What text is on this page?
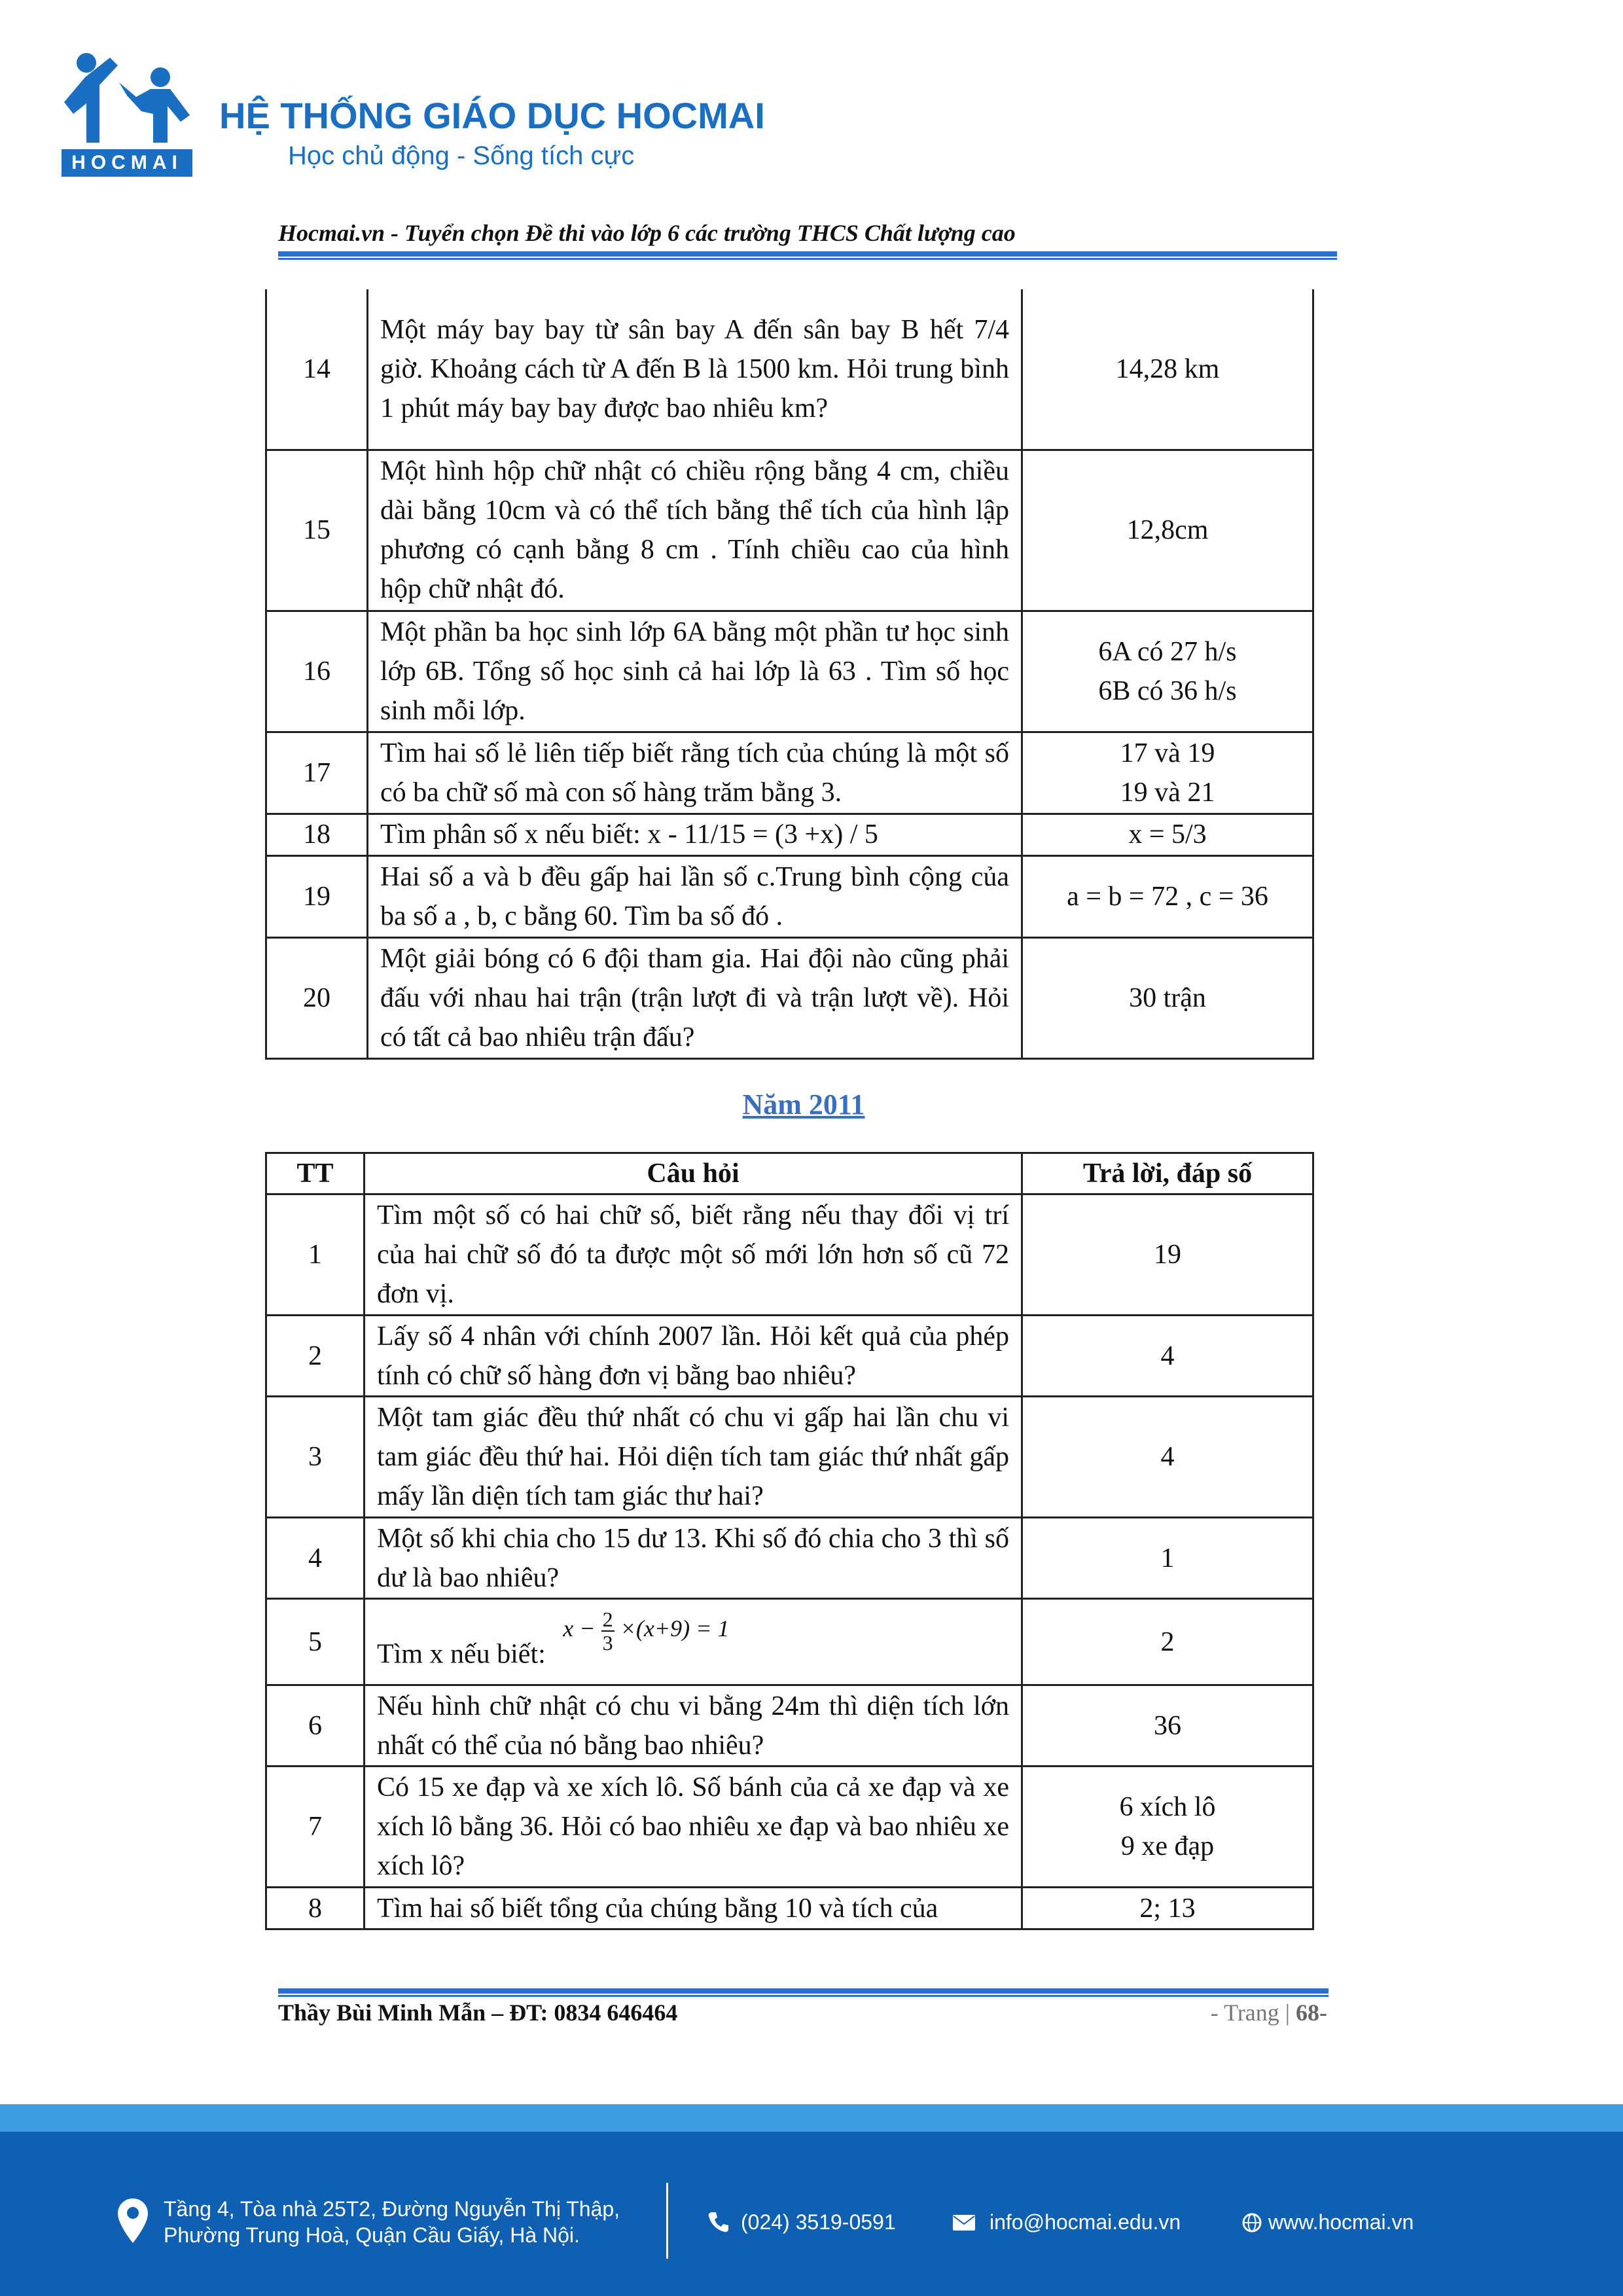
HOCMAI
HỆ THỐNG GIÁO DỤC HOCMAI
Học chủ động - Sống tích cực
Hocmai.vn - Tuyển chọn Đề thi vào lớp 6 các trường THCS Chất lượng cao
14	Một máy bay bay từ sân bay A đến sân bay B hết 7/4 giờ. Khoảng cách từ A đến B là 1500 km. Hỏi trung bình 1 phút máy bay bay được bao nhiêu km?	14,28 km

15	Một hình hộp chữ nhật có chiều rộng bằng 4 cm, chiều dài bằng 10cm và có thể tích bằng thể tích của hình lập phương có cạnh bằng 8 cm . Tính chiều cao của hình hộp chữ nhật đó.	12,8cm

16	Một phần ba học sinh lớp 6A bằng một phần tư học sinh lớp 6B. Tổng số học sinh cả hai lớp là 63 . Tìm số học sinh mỗi lớp.	6A có 27 h/s
6B có 36 h/s

17	Tìm hai số lẻ liên tiếp biết rằng tích của chúng là một số có ba chữ số mà con số hàng trăm bằng 3.	17 và 19
19 và 21

18	Tìm phân số x nếu biết: x - 11/15 = (3 +x) / 5	x = 5/3

19	Hai số a và b đều gấp hai lần số c.Trung bình cộng của ba số a , b, c bằng 60. Tìm ba số đó .	a = b = 72 , c = 36

20	Một giải bóng có 6 đội tham gia. Hai đội nào cũng phải đấu với nhau hai trận (trận lượt đi và trận lượt về). Hỏi có tất cả bao nhiêu trận đấu?	30 trận
Năm 2011
TT	Câu hỏi	Trả lời, đáp số
1	Tìm một số có hai chữ số, biết rằng nếu thay đổi vị trí của hai chữ số đó ta được một số mới lớn hơn số cũ 72 đơn vị.	19

2	Lấy số 4 nhân với chính 2007 lần. Hỏi kết quả của phép tính có chữ số hàng đơn vị bằng bao nhiêu?	4

3	Một tam giác đều thứ nhất có chu vi gấp hai lần chu vi tam giác đều thứ hai. Hỏi diện tích tam giác thứ nhất gấp mấy lần diện tích tam giác thư hai?	4

4	Một số khi chia cho 15 dư 13. Khi số đó chia cho 3 thì số dư là bao nhiêu?	1

5	Tìm x nếu biết: $x - \frac{2}{3} \times(x+9) = 1$	2

6	Nếu hình chữ nhật có chu vi bằng 24m thì diện tích lớn nhất có thể của nó bằng bao nhiêu?	36

7	Có 15 xe đạp và xe xích lô. Số bánh của cả xe đạp và xe xích lô bằng 36. Hỏi có bao nhiêu xe đạp và bao nhiêu xe xích lô?	6 xích lô
9 xe đạp

8	Tìm hai số biết tổng của chúng bằng 10 và tích của	2; 13
Thầy Bùi Minh Mẫn – ĐT: 0834 646464	- Trang | 68-
Tầng 4, Tòa nhà 25T2, Đường Nguyễn Thị Thập,
Phường Trung Hoà, Quận Cầu Giấy, Hà Nội.
(024) 3519-0591	info@hocmai.edu.vn	www.hocmai.vn
